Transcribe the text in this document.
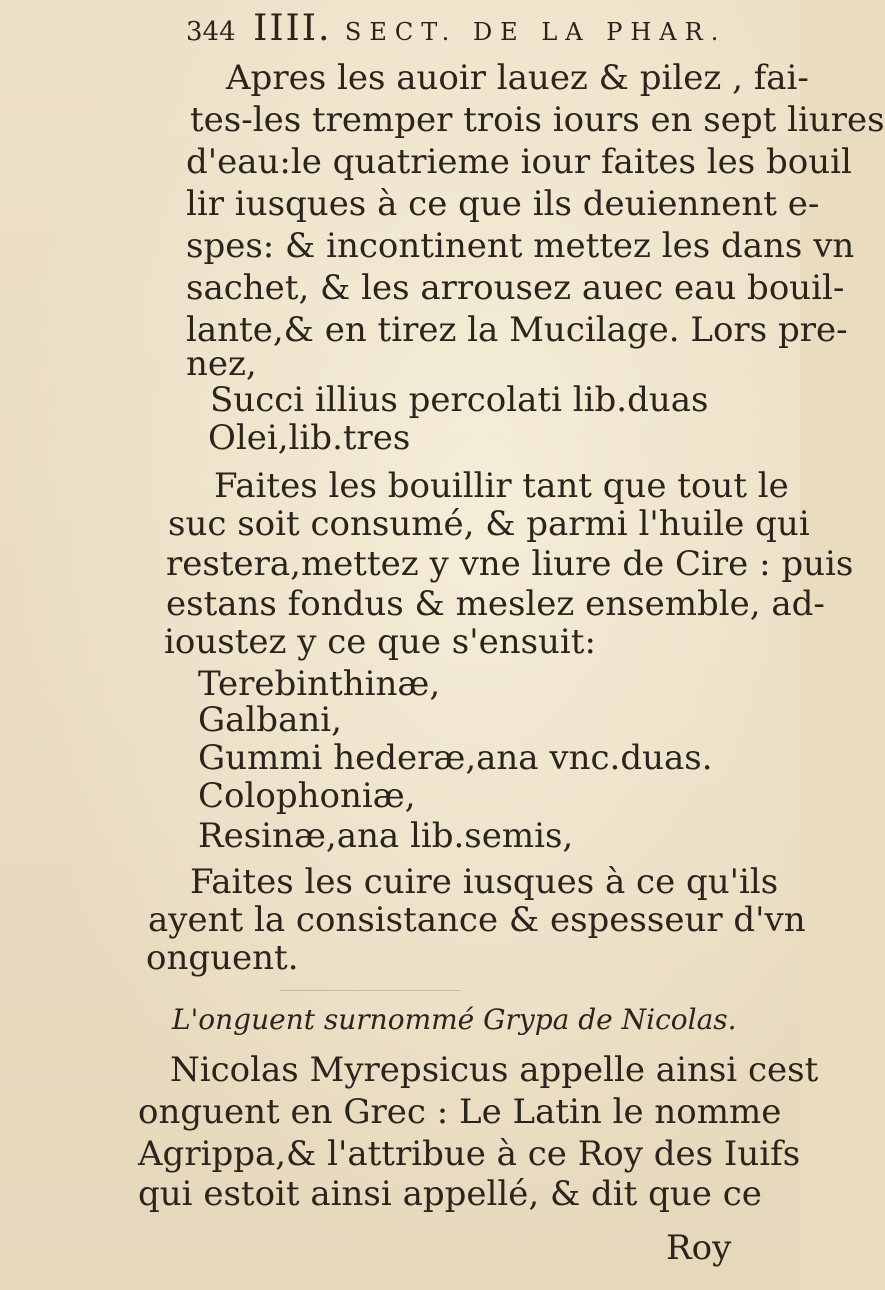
344 IIII. SECT. DE LA PHAR.
Apres les auoir lauez & pilez , fai-
tes-les tremper trois iours en sept liures
d'eau:le quatrieme iour faites les bouil
lir iusques à ce que ils deuiennent e-
spes: & incontinent mettez les dans vn
sachet, & les arrousez auec eau bouil-
lante,& en tirez la Mucilage. Lors pre-
nez,
Succi illius percolati lib.duas
Olei,lib.tres
Faites les bouillir tant que tout le
suc soit consumé, & parmi l'huile qui
restera,mettez y vne liure de Cire : puis
estans fondus & meslez ensemble, ad-
ioustez y ce que s'ensuit:
Terebinthinæ,
Galbani,
Gummi hederæ,ana vnc.duas.
Colophoniæ,
Resinæ,ana lib.semis,
Faites les cuire iusques à ce qu'ils
ayent la consistance & espesseur d'vn
onguent.
L'onguent surnommé Grypa de Nicolas.
Nicolas Myrepsicus appelle ainsi cest
onguent en Grec : Le Latin le nomme
Agrippa,& l'attribue à ce Roy des Iuifs
qui estoit ainsi appellé, & dit que ce
Roy
